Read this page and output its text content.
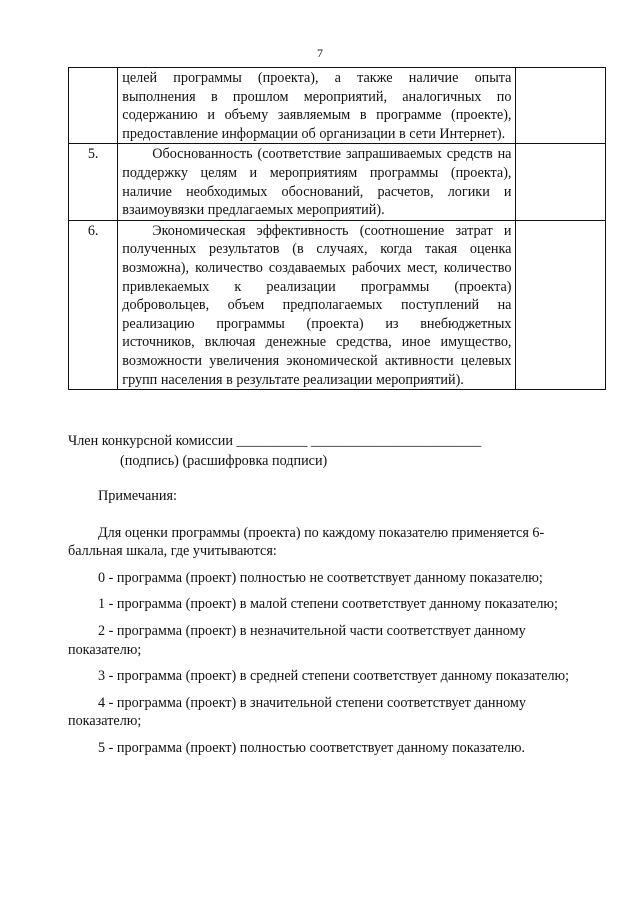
7
	целей программы (проекта), а также наличие опыта выполнения в прошлом мероприятий, аналогичных по содержанию и объему заявляемым в программе (проекте), предоставление информации об организации в сети Интернет).	
5.	Обоснованность (соответствие запрашиваемых средств на поддержку целям и мероприятиям программы (проекта), наличие необходимых обоснований, расчетов, логики и взаимоувязки предлагаемых мероприятий).	
6.	Экономическая эффективность (соотношение затрат и полученных результатов (в случаях, когда такая оценка возможна), количество создаваемых рабочих мест, количество привлекаемых к реализации программы (проекта) добровольцев, объем предполагаемых поступлений на реализацию программы (проекта) из внебюджетных источников, включая денежные средства, иное имущество, возможности увеличения экономической активности целевых групп населения в результате реализации мероприятий).	
Член конкурсной комиссии __________ ________________________
(подпись) (расшифровка подписи)

Примечания:

Для оценки программы (проекта) по каждому показателю применяется 6-балльная шкала, где учитываются:

0 - программа (проект) полностью не соответствует данному показателю;

1 - программа (проект) в малой степени соответствует данному показателю;

2 - программа (проект) в незначительной части соответствует данному показателю;

3 - программа (проект) в средней степени соответствует данному показателю;

4 - программа (проект) в значительной степени соответствует данному показателю;

5 - программа (проект) полностью соответствует данному показателю.
